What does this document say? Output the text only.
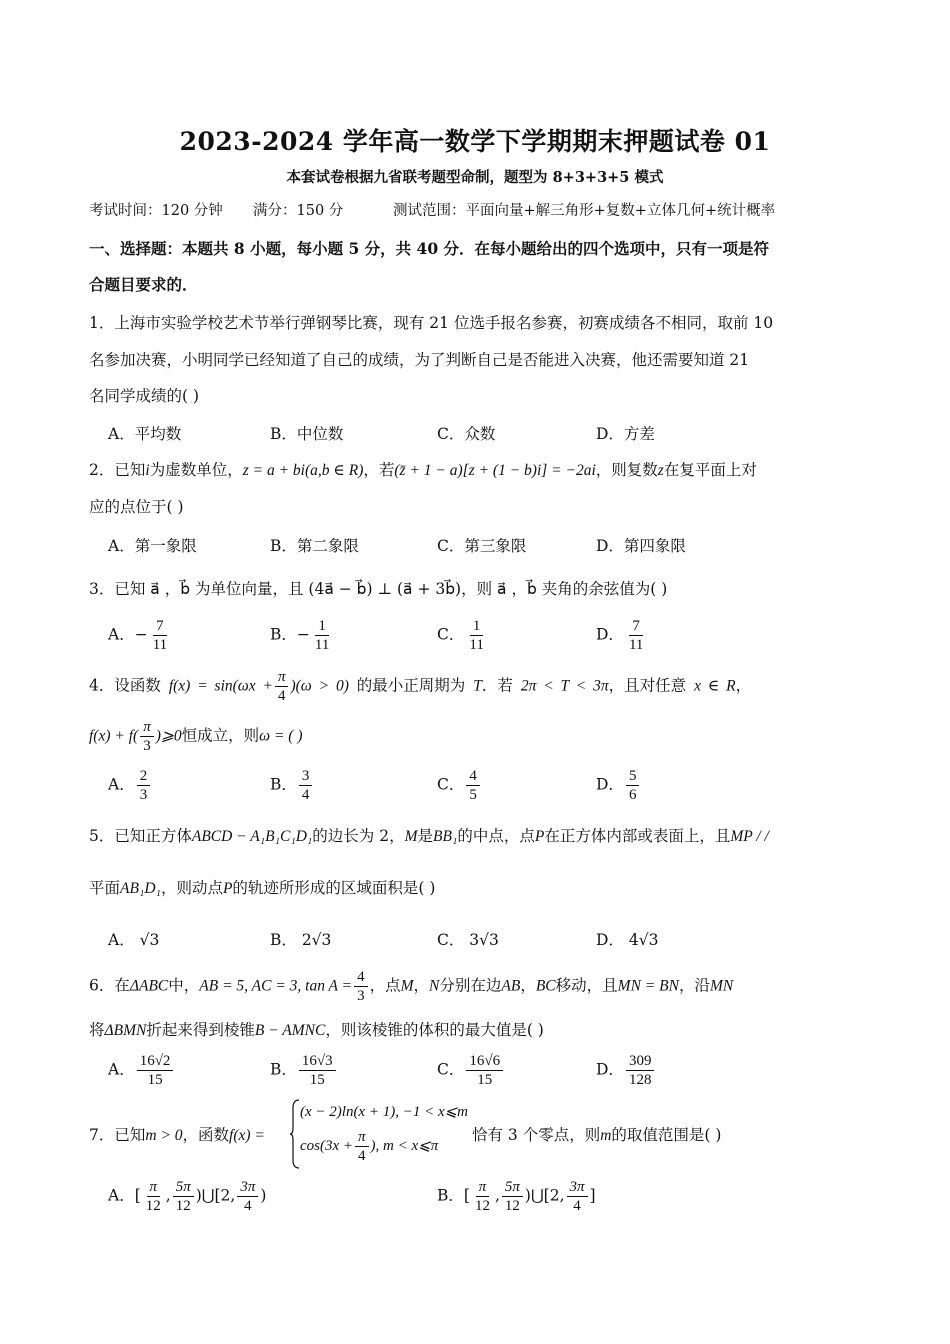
2023-2024 学年高一数学下学期期末押题试卷 01
本套试卷根据九省联考题型命制，题型为 8+3+3+5 模式
考试时间：120 分钟 满分：150 分	测试范围：平面向量+解三角形+复数+立体几何+统计概率
一、选择题：本题共 8 小题，每小题 5 分，共 40 分．在每小题给出的四个选项中，只有一项是符
合题目要求的．
1．上海市实验学校艺术节举行弹钢琴比赛，现有 21 位选手报名参赛，初赛成绩各不相同，取前 10
名参加决赛，小明同学已经知道了自己的成绩，为了判断自己是否能进入决赛，他还需要知道 21
名同学成绩的( )
A．平均数	B．中位数	C．众数	D．方差
2．已知i为虚数单位，z = a + bi(a,b ∈ R)，若(z̄ + 1 − a)[z + (1 − b)i] = −2ai，则复数z在复平面上对
应的点位于( )
A．第一象限	B．第二象限	C．第三象限	D．第四象限
3．已知 a⃗ ，b⃗ 为单位向量，且 (4a⃗ − b⃗) ⊥ (a⃗ + 3b⃗)，则 a⃗ ，b⃗ 夹角的余弦值为( )
A．− $\frac{7}{11}$	B．− $\frac{1}{11}$	C． $\frac{1}{11}$	D． $\frac{7}{11}$
4．设函数 $f(x) = \sin(\omega x + \frac{\pi}{4} )(\omega > 0)$ 的最小正周期为 T．若 2π < T < 3π，且对任意 x ∈ R，
$f(x) + f( \frac{\pi}{3}$ )⩾0恒成立，则ω = ( )
A． $\frac{2}{3}$	B． $\frac{3}{4}$	C． $\frac{4}{5}$	D． $\frac{5}{6}$
5．已知正方体ABCD − A₁B₁C₁D₁的边长为 2，M是BB₁的中点，点P在正方体内部或表面上，且MP / /
平面AB₁D₁，则动点P的轨迹所形成的区域面积是( )
A． √3	B． 2√3	C． 3√3	D． 4√3
6．在ΔABC中，AB = 5, AC = 3, $\tan A = \frac{4}{3}$ ，点M，N分别在边AB，BC移动，且MN = BN，沿MN
将ΔBMN折起来得到棱锥B − AMNC，则该棱锥的体积的最大值是( )
A． $\frac{16√2}{15}$	B． $\frac{16√3}{15}$	C． $\frac{16√6}{15}$	D． $\frac{309}{128}$
7．已知m > 0，函数f(x) =
(x − 2)ln(x + 1), −1 < x⩽m
$\cos(3x + \frac{\pi}{4}$ ), m < x⩽π
恰有 3 个零点，则m的取值范围是( )
A．[ $\frac{\pi}{12}$ , $\frac{5\pi}{12}$ )⋃[2, $\frac{3\pi}{4}$ )	B．[ $\frac{\pi}{12}$ , $\frac{5\pi}{12}$ )⋃[2, $\frac{3\pi}{4}$ ]
